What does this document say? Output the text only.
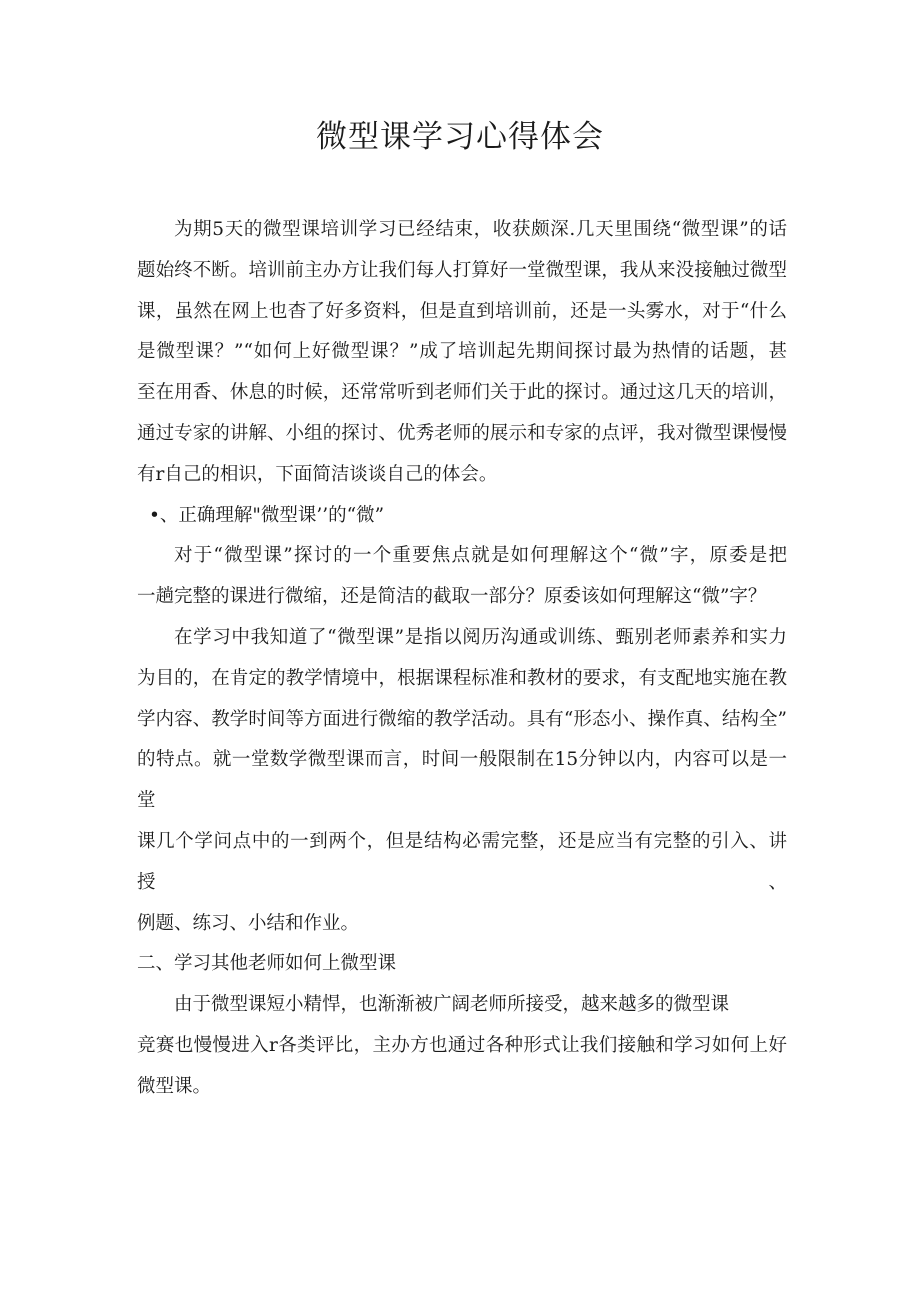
微型课学习心得体会

为期5天的微型课培训学习已经结束，收获颇深.几天里围绕“微型课”的话
题始终不断。培训前主办方让我们每人打算好一堂微型课，我从来没接触过微型
课，虽然在网上也杳了好多资料，但是直到培训前，还是一头雾水，对于“什么
是微型课？”“如何上好微型课？”成了培训起先期间探讨最为热情的话题，甚
至在用香、休息的时候，还常常听到老师们关于此的探讨。通过这几天的培训，
通过专家的讲解、小组的探讨、优秀老师的展示和专家的点评，我对微型课慢慢
有r自己的相识，下面简洁谈谈自己的体会。

•、正确理解"微型课’’的“微”

对于“微型课”探讨的一个重要焦点就是如何理解这个“微”字，原委是把
一趟完整的课进行微缩，还是简洁的截取一部分？原委该如何理解这“微”字？

在学习中我知道了“微型课”是指以阅历沟通或训练、甄别老师素养和实力
为目的，在肯定的教学情境中，根据课程标准和教材的要求，有支配地实施在教
学内容、教学时间等方面进行微缩的教学活动。具有“形态小、操作真、结构全”
的特点。就一堂数学微型课而言，时间一般限制在15分钟以内，内容可以是一堂
课几个学问点中的一到两个，但是结构必需完整，还是应当有完整的引入、讲授、
例题、练习、小结和作业。

二、学习其他老师如何上微型课

由于微型课短小精悍，也渐渐被广阔老师所接受，越来越多的微型课
竞赛也慢慢进入r各类评比，主办方也通过各种形式让我们接触和学习如何上好
微型课。
